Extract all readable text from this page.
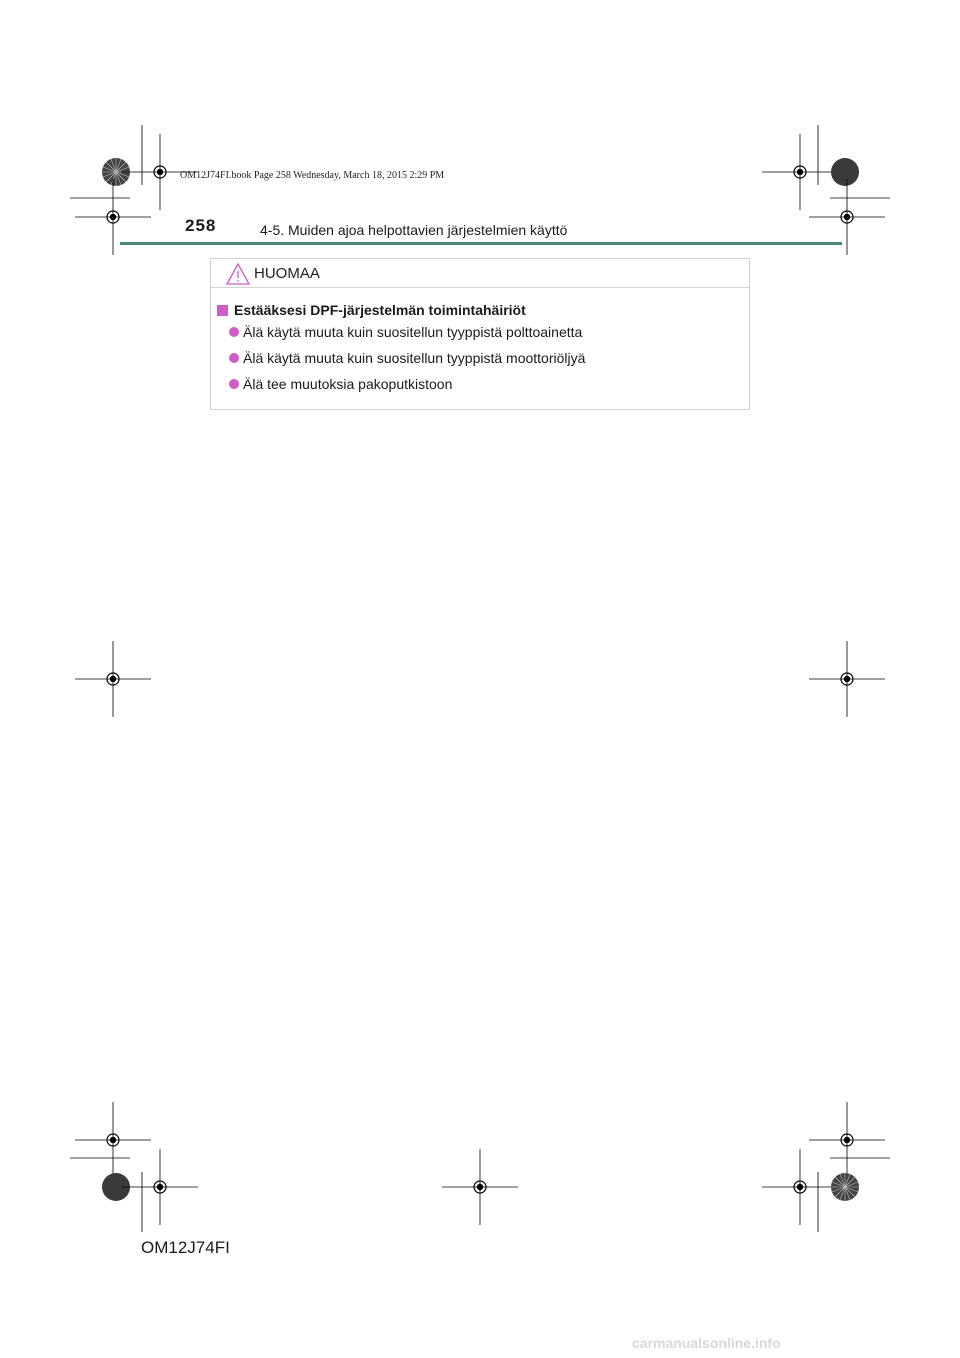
OM12J74FI.book Page 258 Wednesday, March 18, 2015 2:29 PM
258	4-5. Muiden ajoa helpottavien järjestelmien käyttö
HUOMAA
Estääksesi DPF-järjestelmän toimintahäiriöt
Älä käytä muuta kuin suositellun tyyppistä polttoainetta
Älä käytä muuta kuin suositellun tyyppistä moottoriöljyä
Älä tee muutoksia pakoputkistoon
OM12J74FI
carmanualsonline.info
